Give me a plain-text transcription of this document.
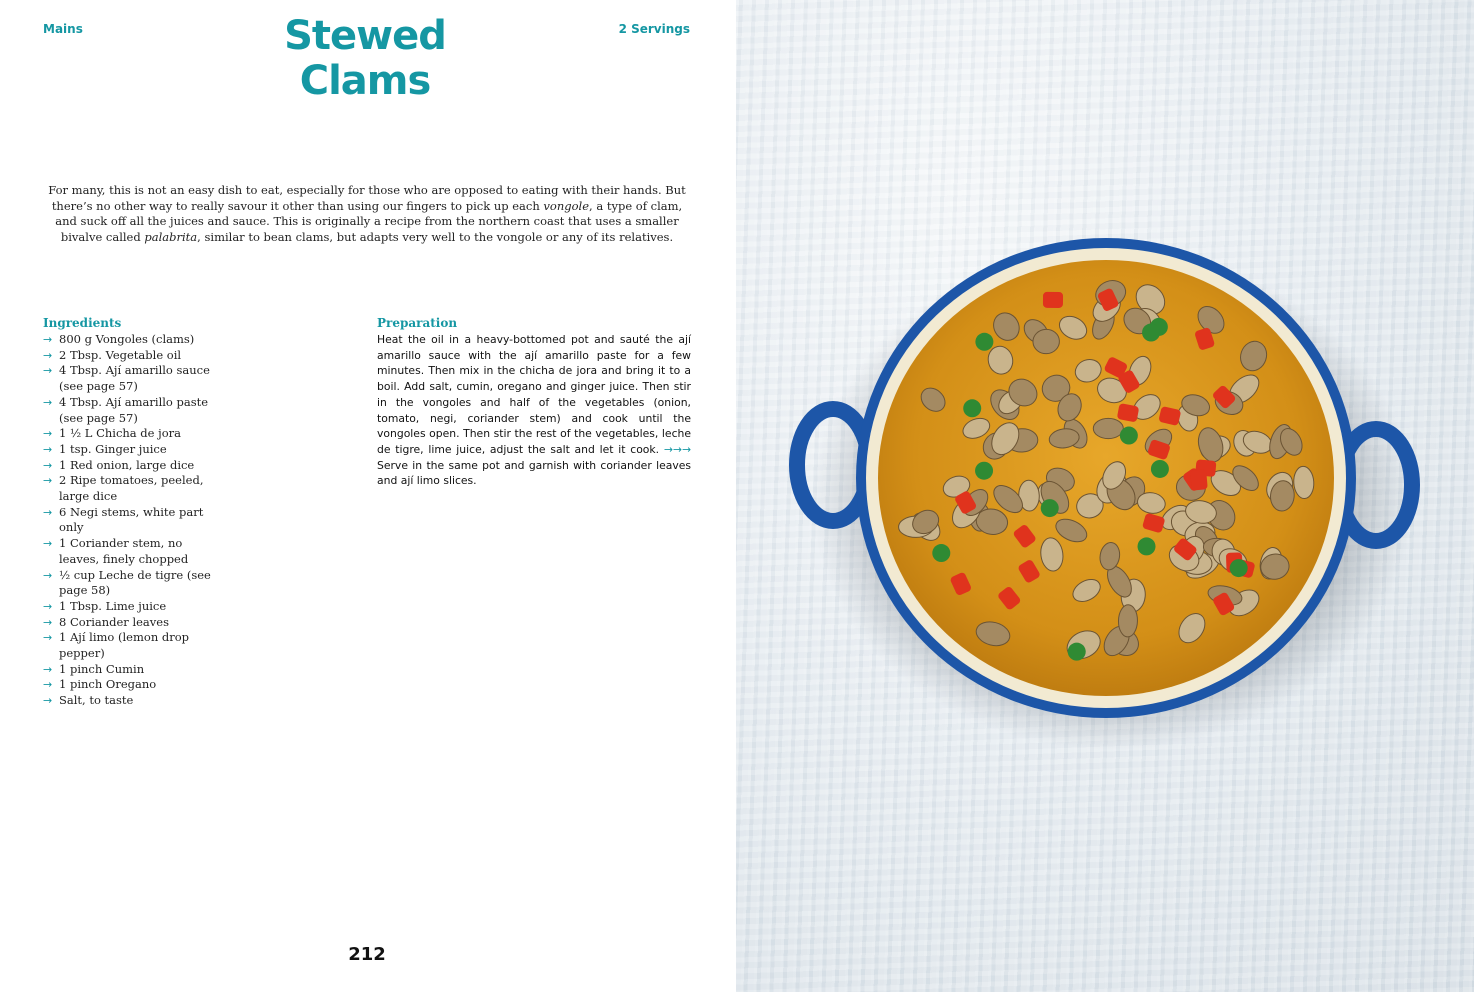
Mains	2 Servings
Stewed
Clams

For many, this is not an easy dish to eat, especially for those who are opposed to eating with their hands. But there’s no other way to really savour it other than using our fingers to pick up each vongole, a type of clam, and suck off all the juices and sauce. This is originally a recipe from the northern coast that uses a smaller bivalve called palabrita, similar to bean clams, but adapts very well to the vongole or any of its relatives.

Ingredients
→ 800 g Vongoles (clams)
→ 2 Tbsp. Vegetable oil
→ 4 Tbsp. Ají amarillo sauce (see page 57)
→ 4 Tbsp. Ají amarillo paste (see page 57)
→ 1 ½ L Chicha de jora
→ 1 tsp. Ginger juice
→ 1 Red onion, large dice
→ 2 Ripe tomatoes, peeled, large dice
→ 6 Negi stems, white part only
→ 1 Coriander stem, no leaves, finely chopped
→ ½ cup Leche de tigre (see page 58)
→ 1 Tbsp. Lime juice
→ 8 Coriander leaves
→ 1 Ají limo (lemon drop pepper)
→ 1 pinch Cumin
→ 1 pinch Oregano
→ Salt, to taste
Preparation

Heat the oil in a heavy-bottomed pot and sauté the ají amarillo sauce with the ají amarillo paste for a few minutes. Then mix in the chicha de jora and bring it to a boil. Add salt, cumin, oregano and ginger juice. Then stir in the vongoles and half of the vegetables (onion, tomato, negi, coriander stem) and cook until the vongoles open. Then stir the rest of the vegetables, leche de tigre, lime juice, adjust the salt and let it cook. →→→ Serve in the same pot and garnish with coriander leaves and ají limo slices.

212
